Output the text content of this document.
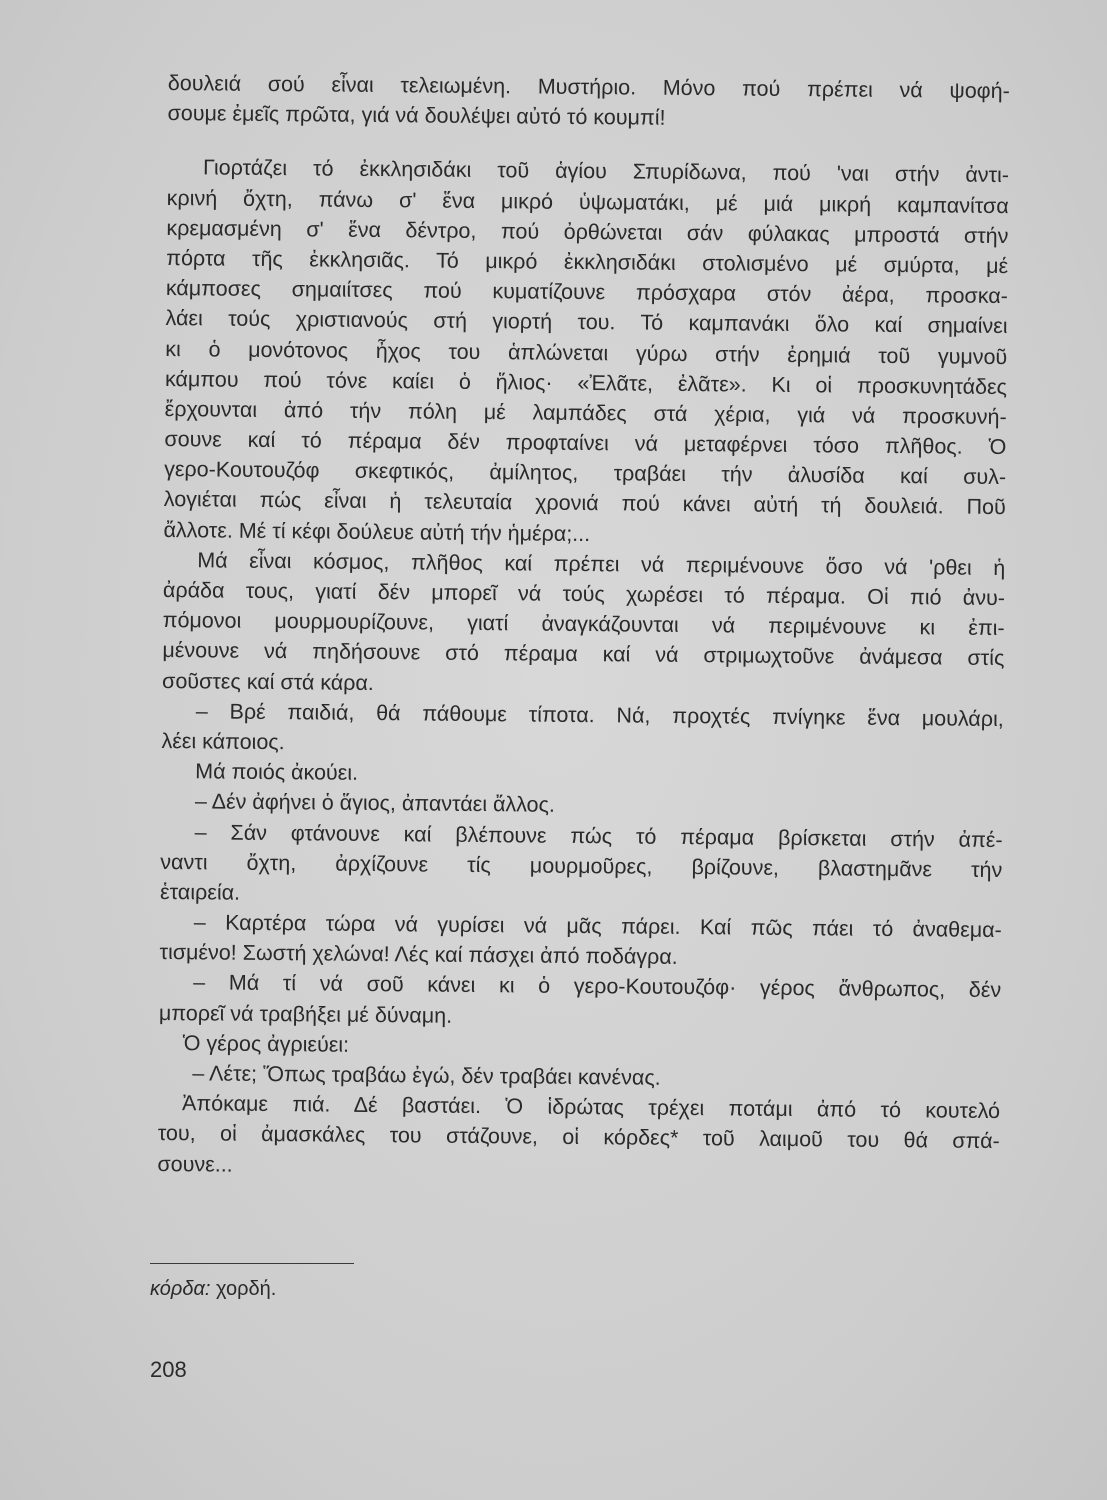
δουλειά σού εἶναι τελειωμένη. Μυστήριο. Μόνο πού πρέπει νά ψοφή-
σουμε ἐμεῖς πρῶτα, γιά νά δουλέψει αὐτό τό κουμπί!
Γιορτάζει τό ἐκκλησιδάκι τοῦ ἁγίου Σπυρίδωνα, πού 'ναι στήν ἀντι-
κρινή ὄχτη, πάνω σ' ἕνα μικρό ὑψωματάκι, μέ μιά μικρή καμπανίτσα
κρεμασμένη σ' ἕνα δέντρο, πού ὀρθώνεται σάν φύλακας μπροστά στήν
πόρτα τῆς ἐκκλησιᾶς. Τό μικρό ἐκκλησιδάκι στολισμένο μέ σμύρτα, μέ
κάμποσες σημαιίτσες πού κυματίζουνε πρόσχαρα στόν ἀέρα, προσκα-
λάει τούς χριστιανούς στή γιορτή του. Τό καμπανάκι ὅλο καί σημαίνει
κι ὁ μονότονος ἦχος του ἁπλώνεται γύρω στήν ἐρημιά τοῦ γυμνοῦ
κάμπου πού τόνε καίει ὁ ἥλιος· «Ἐλᾶτε, ἐλᾶτε». Κι οἱ προσκυνητάδες
ἔρχουνται ἀπό τήν πόλη μέ λαμπάδες στά χέρια, γιά νά προσκυνή-
σουνε καί τό πέραμα δέν προφταίνει νά μεταφέρνει τόσο πλῆθος. Ὁ
γερο-Κουτουζόφ σκεφτικός, ἀμίλητος, τραβάει τήν ἀλυσίδα καί συλ-
λογιέται πώς εἶναι ἡ τελευταία χρονιά πού κάνει αὐτή τή δουλειά. Ποῦ
ἄλλοτε. Μέ τί κέφι δούλευε αὐτή τήν ἡμέρα;...
Μά εἶναι κόσμος, πλῆθος καί πρέπει νά περιμένουνε ὅσο νά 'ρθει ἡ
ἀράδα τους, γιατί δέν μπορεῖ νά τούς χωρέσει τό πέραμα. Οἱ πιό ἀνυ-
πόμονοι μουρμουρίζουνε, γιατί ἀναγκάζουνται νά περιμένουνε κι ἐπι-
μένουνε νά πηδήσουνε στό πέραμα καί νά στριμωχτοῦνε ἀνάμεσα στίς
σοῦστες καί στά κάρα.
– Βρέ παιδιά, θά πάθουμε τίποτα. Νά, προχτές πνίγηκε ἕνα μουλάρι,
λέει κάποιος.
Μά ποιός ἀκούει.
– Δέν ἀφήνει ὁ ἅγιος, ἀπαντάει ἄλλος.
– Σάν φτάνουνε καί βλέπουνε πώς τό πέραμα βρίσκεται στήν ἀπέ-
ναντι ὄχτη, ἀρχίζουνε τίς μουρμοῦρες, βρίζουνε, βλαστημᾶνε τήν
ἑταιρεία.
– Καρτέρα τώρα νά γυρίσει νά μᾶς πάρει. Καί πῶς πάει τό ἀναθεμα-
τισμένο! Σωστή χελώνα! Λές καί πάσχει ἀπό ποδάγρα.
– Μά τί νά σοῦ κάνει κι ὁ γερο-Κουτουζόφ· γέρος ἄνθρωπος, δέν
μπορεῖ νά τραβήξει μέ δύναμη.
Ὁ γέρος ἀγριεύει:
– Λέτε; Ὅπως τραβάω ἐγώ, δέν τραβάει κανένας.
Ἀπόκαμε πιά. Δέ βαστάει. Ὁ ἱδρώτας τρέχει ποτάμι ἀπό τό κουτελό
του, οἱ ἀμασκάλες του στάζουνε, οἱ κόρδες* τοῦ λαιμοῦ του θά σπά-
σουνε...
κόρδα: χορδή.
208
